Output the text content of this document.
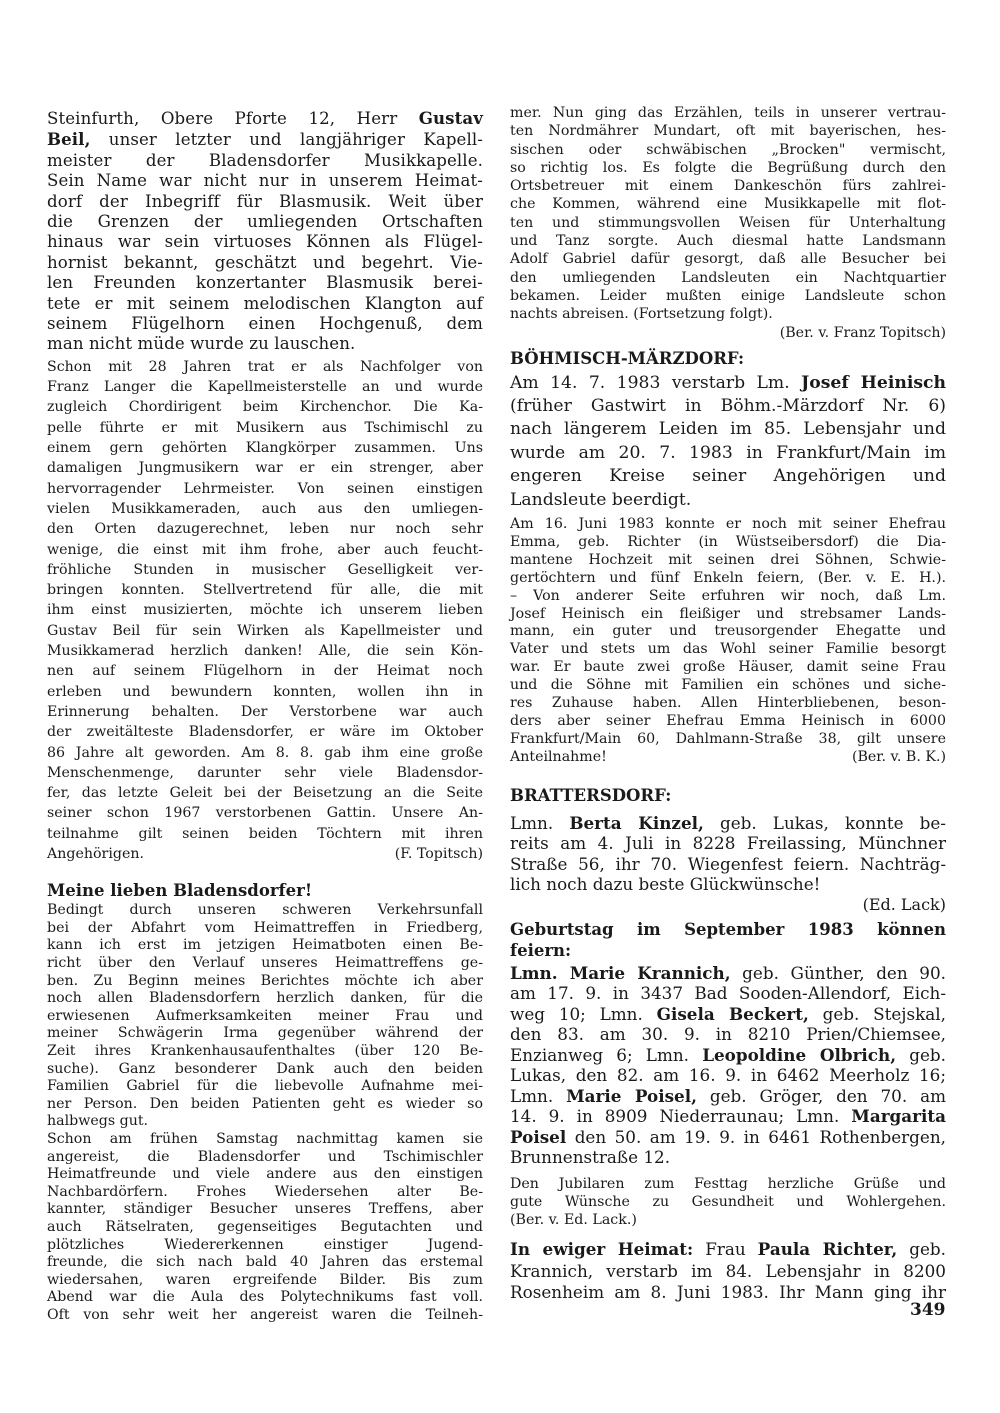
Steinfurth, Obere Pforte 12, Herr Gustav
Beil, unser letzter und langjähriger Kapell-
meister der Bladensdorfer Musikkapelle.
Sein Name war nicht nur in unserem Heimat-
dorf der Inbegriff für Blasmusik. Weit über
die Grenzen der umliegenden Ortschaften
hinaus war sein virtuoses Können als Flügel-
hornist bekannt, geschätzt und begehrt. Vie-
len Freunden konzertanter Blasmusik berei-
tete er mit seinem melodischen Klangton auf
seinem Flügelhorn einen Hochgenuß, dem
man nicht müde wurde zu lauschen.
Schon mit 28 Jahren trat er als Nachfolger von
Franz Langer die Kapellmeisterstelle an und wurde
zugleich Chordirigent beim Kirchenchor. Die Ka-
pelle führte er mit Musikern aus Tschimischl zu
einem gern gehörten Klangkörper zusammen. Uns
damaligen Jungmusikern war er ein strenger, aber
hervorragender Lehrmeister. Von seinen einstigen
vielen Musikkameraden, auch aus den umliegen-
den Orten dazugerechnet, leben nur noch sehr
wenige, die einst mit ihm frohe, aber auch feucht-
fröhliche Stunden in musischer Geselligkeit ver-
bringen konnten. Stellvertretend für alle, die mit
ihm einst musizierten, möchte ich unserem lieben
Gustav Beil für sein Wirken als Kapellmeister und
Musikkamerad herzlich danken! Alle, die sein Kön-
nen auf seinem Flügelhorn in der Heimat noch
erleben und bewundern konnten, wollen ihn in
Erinnerung behalten. Der Verstorbene war auch
der zweitälteste Bladensdorfer, er wäre im Oktober
86 Jahre alt geworden. Am 8. 8. gab ihm eine große
Menschenmenge, darunter sehr viele Bladensdor-
fer, das letzte Geleit bei der Beisetzung an die Seite
seiner schon 1967 verstorbenen Gattin. Unsere An-
teilnahme gilt seinen beiden Töchtern mit ihren
Angehörigen.	(F. Topitsch)
Meine lieben Bladensdorfer!
Bedingt durch unseren schweren Verkehrsunfall
bei der Abfahrt vom Heimattreffen in Friedberg,
kann ich erst im jetzigen Heimatboten einen Be-
richt über den Verlauf unseres Heimattreffens ge-
ben. Zu Beginn meines Berichtes möchte ich aber
noch allen Bladensdorfern herzlich danken, für die
erwiesenen Aufmerksamkeiten meiner Frau und
meiner Schwägerin Irma gegenüber während der
Zeit ihres Krankenhausaufenthaltes (über 120 Be-
suche). Ganz besonderer Dank auch den beiden
Familien Gabriel für die liebevolle Aufnahme mei-
ner Person. Den beiden Patienten geht es wieder so
halbwegs gut.
Schon am frühen Samstag nachmittag kamen sie
angereist, die Bladensdorfer und Tschimischler
Heimatfreunde und viele andere aus den einstigen
Nachbardörfern. Frohes Wiedersehen alter Be-
kannter, ständiger Besucher unseres Treffens, aber
auch Rätselraten, gegenseitiges Begutachten und
plötzliches Wiedererkennen einstiger Jugend-
freunde, die sich nach bald 40 Jahren das erstemal
wiedersahen, waren ergreifende Bilder. Bis zum
Abend war die Aula des Polytechnikums fast voll.
Oft von sehr weit her angereist waren die Teilneh-
mer. Nun ging das Erzählen, teils in unserer vertrau-
ten Nordmährer Mundart, oft mit bayerischen, hes-
sischen oder schwäbischen „Brocken" vermischt,
so richtig los. Es folgte die Begrüßung durch den
Ortsbetreuer mit einem Dankeschön fürs zahlrei-
che Kommen, während eine Musikkapelle mit flot-
ten und stimmungsvollen Weisen für Unterhaltung
und Tanz sorgte. Auch diesmal hatte Landsmann
Adolf Gabriel dafür gesorgt, daß alle Besucher bei
den umliegenden Landsleuten ein Nachtquartier
bekamen. Leider mußten einige Landsleute schon
nachts abreisen. (Fortsetzung folgt).
(Ber. v. Franz Topitsch)
BÖHMISCH-MÄRZDORF:
Am 14. 7. 1983 verstarb Lm. Josef Heinisch
(früher Gastwirt in Böhm.-Märzdorf Nr. 6)
nach längerem Leiden im 85. Lebensjahr und
wurde am 20. 7. 1983 in Frankfurt/Main im
engeren Kreise seiner Angehörigen und
Landsleute beerdigt.
Am 16. Juni 1983 konnte er noch mit seiner Ehefrau
Emma, geb. Richter (in Wüstseibersdorf) die Dia-
mantene Hochzeit mit seinen drei Söhnen, Schwie-
gertöchtern und fünf Enkeln feiern, (Ber. v. E. H.).
– Von anderer Seite erfuhren wir noch, daß Lm.
Josef Heinisch ein fleißiger und strebsamer Lands-
mann, ein guter und treusorgender Ehegatte und
Vater und stets um das Wohl seiner Familie besorgt
war. Er baute zwei große Häuser, damit seine Frau
und die Söhne mit Familien ein schönes und siche-
res Zuhause haben. Allen Hinterbliebenen, beson-
ders aber seiner Ehefrau Emma Heinisch in 6000
Frankfurt/Main 60, Dahlmann-Straße 38, gilt unsere
Anteilnahme!	(Ber. v. B. K.)
BRATTERSDORF:
Lmn. Berta Kinzel, geb. Lukas, konnte be-
reits am 4. Juli in 8228 Freilassing, Münchner
Straße 56, ihr 70. Wiegenfest feiern. Nachträg-
lich noch dazu beste Glückwünsche!
(Ed. Lack)
Geburtstag im September 1983 können
feiern:
Lmn. Marie Krannich, geb. Günther, den 90.
am 17. 9. in 3437 Bad Sooden-Allendorf, Eich-
weg 10; Lmn. Gisela Beckert, geb. Stejskal,
den 83. am 30. 9. in 8210 Prien/Chiemsee,
Enzianweg 6; Lmn. Leopoldine Olbrich, geb.
Lukas, den 82. am 16. 9. in 6462 Meerholz 16;
Lmn. Marie Poisel, geb. Gröger, den 70. am
14. 9. in 8909 Niederraunau; Lmn. Margarita
Poisel den 50. am 19. 9. in 6461 Rothenbergen,
Brunnenstraße 12.
Den Jubilaren zum Festtag herzliche Grüße und
gute Wünsche zu Gesundheit und Wohlergehen.
(Ber. v. Ed. Lack.)
In ewiger Heimat: Frau Paula Richter, geb.
Krannich, verstarb im 84. Lebensjahr in 8200
Rosenheim am 8. Juni 1983. Ihr Mann ging ihr
349
